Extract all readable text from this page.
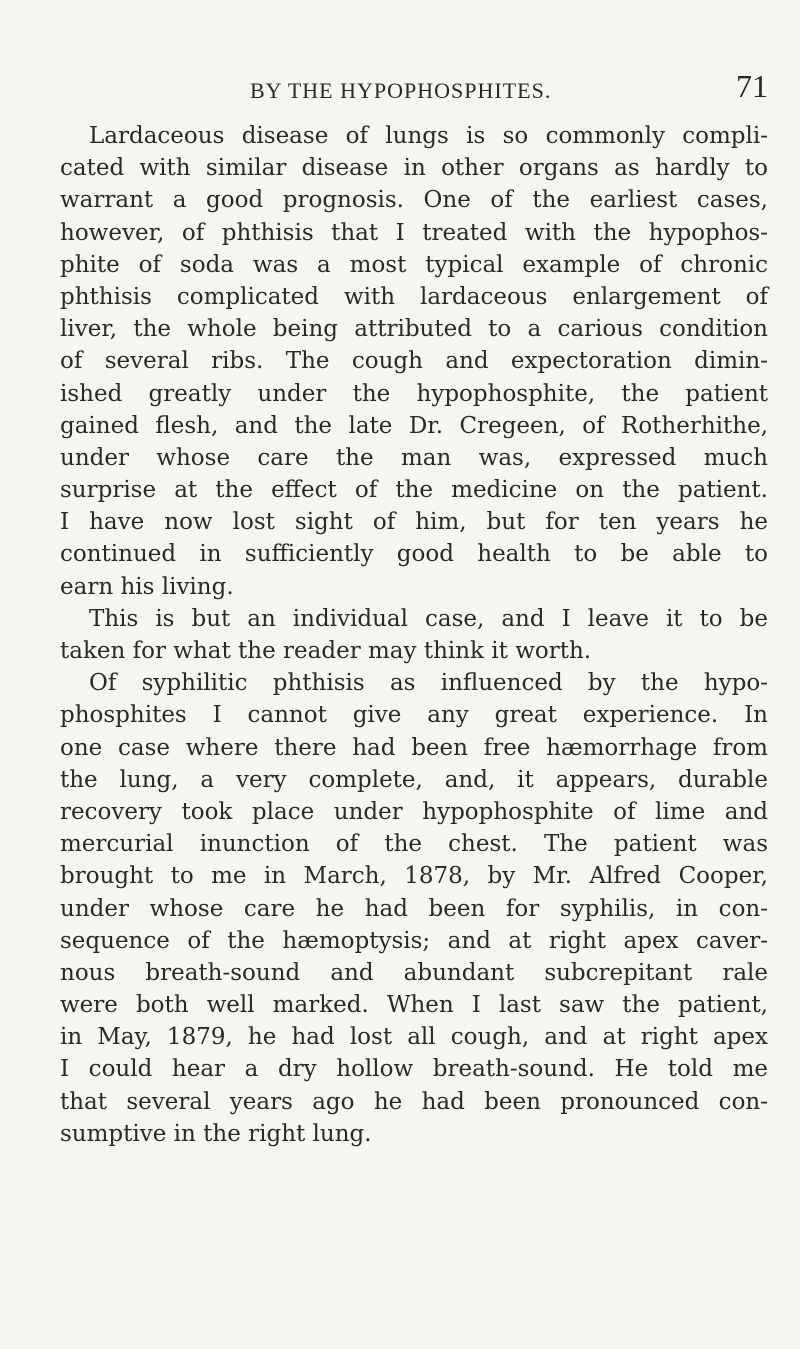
BY THE HYPOPHOSPHITES.	71
Lardaceous disease of lungs is so commonly compli-
cated with similar disease in other organs as hardly to
warrant a good prognosis. One of the earliest cases,
however, of phthisis that I treated with the hypophos-
phite of soda was a most typical example of chronic
phthisis complicated with lardaceous enlargement of
liver, the whole being attributed to a carious condition
of several ribs. The cough and expectoration dimin-
ished greatly under the hypophosphite, the patient
gained flesh, and the late Dr. Cregeen, of Rotherhithe,
under whose care the man was, expressed much
surprise at the effect of the medicine on the patient.
I have now lost sight of him, but for ten years he
continued in sufficiently good health to be able to
earn his living.
This is but an individual case, and I leave it to be
taken for what the reader may think it worth.
Of syphilitic phthisis as influenced by the hypo-
phosphites I cannot give any great experience. In
one case where there had been free hæmorrhage from
the lung, a very complete, and, it appears, durable
recovery took place under hypophosphite of lime and
mercurial inunction of the chest. The patient was
brought to me in March, 1878, by Mr. Alfred Cooper,
under whose care he had been for syphilis, in con-
sequence of the hæmoptysis; and at right apex caver-
nous breath-sound and abundant subcrepitant rale
were both well marked. When I last saw the patient,
in May, 1879, he had lost all cough, and at right apex
I could hear a dry hollow breath-sound. He told me
that several years ago he had been pronounced con-
sumptive in the right lung.
